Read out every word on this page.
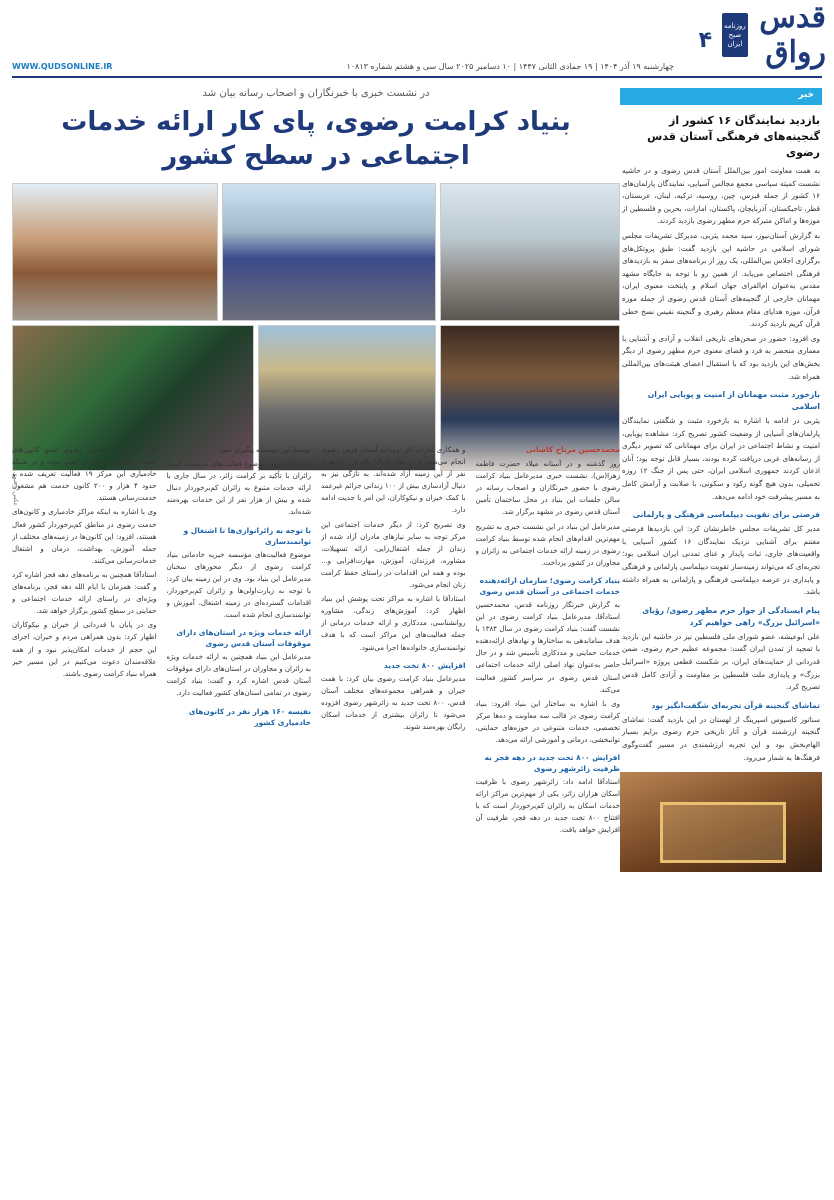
قدس رواق
روزنامه صبح ایران
۴
چهارشنبه ۱۹ آذر ۱۴۰۴ | ۱۹ جمادی الثانی ۱۴۴۷ | ۱۰ دسامبر ۲۰۲۵ سال سی و هشتم شماره ۱۰۸۱۳
WWW.QUDSONLINE.IR
خبر
بازدید نمایندگان ۱۶ کشور از گنجینه‌های فرهنگی آستان قدس رضوی

به همت معاونت امور بین‌الملل آستان قدس رضوی و در حاشیه نشست کمیته سیاسی مجمع مجالس آسیایی، نمایندگان پارلمان‌های ۱۶ کشور از جمله قبرس، چین، روسیه، ترکیه، لبنان، عربستان، قطر، تاجیکستان، آذربایجان، پاکستان، امارات، بحرین و فلسطین از موزه‌ها و اماکن متبرکه حرم مطهر رضوی بازدید کردند.

به گزارش آستان‌نیوز، سید محمد یثربی، مدیرکل تشریفات مجلس شورای اسلامی در حاشیه این بازدید گفت: طبق پروتکل‌های برگزاری اجلاس بین‌المللی، یک روز از برنامه‌های سفر به بازدیدهای فرهنگی اختصاص می‌یابد. از همین رو با توجه به جایگاه مشهد مقدس به‌عنوان ام‌القرای جهان اسلام و پایتخت معنوی ایران، مهمانان خارجی از گنجینه‌های آستان قدس رضوی از جمله موزه قرآن، موزه هدایای مقام معظم رهبری و گنجینه نفیس نسخ خطی قرآن کریم بازدید کردند.

وی افزود: حضور در صحن‌های تاریخی انقلاب و آزادی و آشنایی با معماری منحصر به فرد و فضای معنوی حرم مطهر رضوی از دیگر بخش‌های این بازدید بود که با استقبال اعضای هیئت‌های بین‌المللی همراه شد.

بازخورد مثبت مهمانان از امنیت و پویایی ایران اسلامی

یثربی در ادامه با اشاره به بازخورد مثبت و شگفتی نمایندگان پارلمان‌های آسیایی از وضعیت کشور تصریح کرد: مشاهده پویایی، امنیت و نشاط اجتماعی در ایران برای مهمانانی که تصویر دیگری از رسانه‌های غربی دریافت کرده بودند، بسیار قابل توجه بود؛ آنان اذعان کردند جمهوری اسلامی ایران، حتی پس از جنگ ۱۲ روزه تحمیلی، بدون هیچ گونه رکود و سکونی، با صلابت و آرامش کامل به مسیر پیشرفت خود ادامه می‌دهد.

فرصتی برای تقویت دیپلماسی فرهنگی و پارلمانی

مدیر کل تشریفات مجلس خاطرنشان کرد: این بازدیدها فرصتی مغتنم برای آشنایی نزدیک نمایندگان ۱۶ کشور آسیایی با واقعیت‌های جاری، ثبات پایدار و غنای تمدنی ایران اسلامی بود؛ تجربه‌ای که می‌تواند زمینه‌ساز تقویت دیپلماسی پارلمانی و فرهنگی و پایداری در عرصه دیپلماسی فرهنگی و پارلمانی به همراه داشته باشد.

پیام ایستادگی از جوار حرم مطهر رضوی/ رؤیای «اسرائیل بزرگ» راهی خواهیم کرد

علی ابوعیشه، عضو شورای ملی فلسطین نیز در حاشیه این بازدید با تمجید از تمدن ایران گفت: مجموعه عظیم حرم رضوی، ضمن قدردانی از حمایت‌های ایران، بر شکست قطعی پروژه «اسرائیل بزرگ» و پایداری ملت فلسطین بر مقاومت و آزادی کامل قدس تصریح کرد.

تماشای گنجینه قرآن تجربه‌ای شگفت‌انگیز بود

سناتور کاسیوس اسپرینگ از لهستان در این بازدید گفت: تماشای گنجینه ارزشمند قرآن و آثار تاریخی حرم رضوی برایم بسیار الهام‌بخش بود و این تجربه ارزشمندی در مسیر گفت‌وگوی فرهنگ‌ها به شمار می‌رود.

در نشست خبری با خبرنگاران و اصحاب رسانه بیان شد
بنیاد کرامت رضوی، پای کار ارائه خدمات اجتماعی در سطح کشور
عکس: رضوی

محمدحسین مرتاح کاشانی

روز گذشته و در آستانه میلاد حضرت فاطمه زهرا(س)، نشست خبری مدیرعامل بنیاد کرامت رضوی با حضور خبرنگاران و اصحاب رسانه در سالن جلسات این بنیاد در محل ساختمان تأمین آستان قدس رضوی در مشهد برگزار شد.

مدیرعامل این بنیاد در این نشست خبری به تشریح مهم‌ترین اقدام‌های انجام شده توسط بنیاد کرامت رضوی در زمینه ارائه خدمات اجتماعی به زائران و مجاوران در کشور پرداخت.

بنیاد کرامت رضوی؛ سازمان ارائه‌دهنده خدمات اجتماعی در آستان قدس رضوی

به گزارش خبرنگار روزنامه قدس، محمدحسین استادآقا، مدیرعامل بنیاد کرامت رضوی در این نشست گفت: بنیاد کرامت رضوی در سال ۱۳۸۴ با هدف ساماندهی به ساختارها و نهادهای ارائه‌دهنده خدمات حمایتی و مددکاری تأسیس شد و در حال حاضر به‌عنوان نهاد اصلی ارائه خدمات اجتماعی آستان قدس رضوی در سراسر کشور فعالیت می‌کند.

وی با اشاره به ساختار این بنیاد افزود: بنیاد کرامت رضوی در قالب سه معاونت و ده‌ها مرکز تخصصی، خدمات متنوعی در حوزه‌های حمایتی، توانبخشی، درمانی و آموزشی ارائه می‌دهد.

افزایش ۸۰۰ تخت جدید در دهه فجر به ظرفیت زائرشهر رضوی

استادآقا ادامه داد: زائرشهر رضوی با ظرفیت اسکان هزاران زائر، یکی از مهم‌ترین مراکز ارائه خدمات اسکان به زائران کم‌برخوردار است که با افتتاح ۸۰۰ تخت جدید در دهه فجر، ظرفیت آن افزایش خواهد یافت.

و همکاری ادارات کل نذورات آستان قدس رضوی انجام می‌شود و در سال ۱۴۰۳ بالغ بر ۲۰۰ هزار نفر از این زمینه آزاد شده‌اند. به تازگی نیز به دنبال آزادسازی بیش از ۱۰۰ زندانی جرائم غیرعمد با کمک خیران و نیکوکاران، این امر با جدیت ادامه دارد.

وی تصریح کرد: از دیگر خدمات اجتماعی این مرکز توجه به سایر نیازهای مادران آزاد شده از زندان از جمله اشتغال‌زایی، ارائه تسهیلات، مشاوره، فرزندان، آموزش، مهارت‌افزایی و... بوده و همه این اقدامات در راستای حفظ کرامت زنان انجام می‌شود.

استادآقا با اشاره به مراکز تحت پوشش این بنیاد اظهار کرد: آموزش‌های زندگی، مشاوره روانشناسی، مددکاری و ارائه خدمات درمانی از جمله فعالیت‌های این مراکز است که با هدف توانمندسازی خانواده‌ها اجرا می‌شود.

افزایش ۸۰۰ تخت جدید

مدیرعامل بنیاد کرامت رضوی بیان کرد: با همت خیران و همراهی مجموعه‌های مختلف آستان قدس، ۸۰۰ تخت جدید به زائرشهر رضوی افزوده می‌شود تا زائران بیشتری از خدمات اسکان رایگان بهره‌مند شوند.

توسط این مؤسسه پیگیری شود.

استادآقا افزود: موضوع فعالیت‌های مؤسسه خیریه زائران با تأکید بر کرامت زائر، در سال جاری با ارائه خدمات متنوع به زائران کم‌برخوردار دنبال شده و بیش از هزار نفر از این خدمات بهره‌مند شده‌اند.

با توجه به زائرانوازی‌ها تا اشتغال و توانمندسازی

موضوع فعالیت‌های مؤسسه خیریه خادمانی بنیاد کرامت رضوی از دیگر محورهای سخنان مدیرعامل این بنیاد بود. وی در این زمینه بیان کرد: با توجه به زیارت‌اولی‌ها و زائران کم‌برخوردار، اقدامات گسترده‌ای در زمینه اشتغال، آموزش و توانمندسازی انجام شده است.

ارائه خدمات ویژه در استان‌های دارای موقوفات آستان قدس رضوی

مدیرعامل این بنیاد همچنین به ارائه خدمات ویژه به زائران و مجاوران در استان‌های دارای موقوفات آستان قدس اشاره کرد و گفت: بنیاد کرامت رضوی در تمامی استان‌های کشور فعالیت دارد.

نفیسه ۱۶۰ هزار نفر در کانون‌های خادمیاری کشور

نفر به عنوان خادمیار رضوی عضو کانون‌های خدمت رضوی در سراسر کشور بوده و در شبکه خادمیاری این مرکز ۱۹ فعالیت تعریف شده و حدود ۴ هزار و ۲۰۰ کانون خدمت هم مشغول خدمت‌رسانی هستند.

وی با اشاره به اینکه مراکز خادمیاری و کانون‌های خدمت رضوی در مناطق کم‌برخوردار کشور فعال هستند، افزود: این کانون‌ها در زمینه‌های مختلف از جمله آموزش، بهداشت، درمان و اشتغال خدمات‌رسانی می‌کنند.

استادآقا همچنین به برنامه‌های دهه فجر اشاره کرد و گفت: همزمان با ایام الله دهه فجر، برنامه‌های ویژه‌ای در راستای ارائه خدمات اجتماعی و حمایتی در سطح کشور برگزار خواهد شد.

وی در پایان با قدردانی از خیران و نیکوکاران اظهار کرد: بدون همراهی مردم و خیران، اجرای این حجم از خدمات امکان‌پذیر نبود و از همه علاقه‌مندان دعوت می‌کنیم در این مسیر خیر همراه بنیاد کرامت رضوی باشند.
